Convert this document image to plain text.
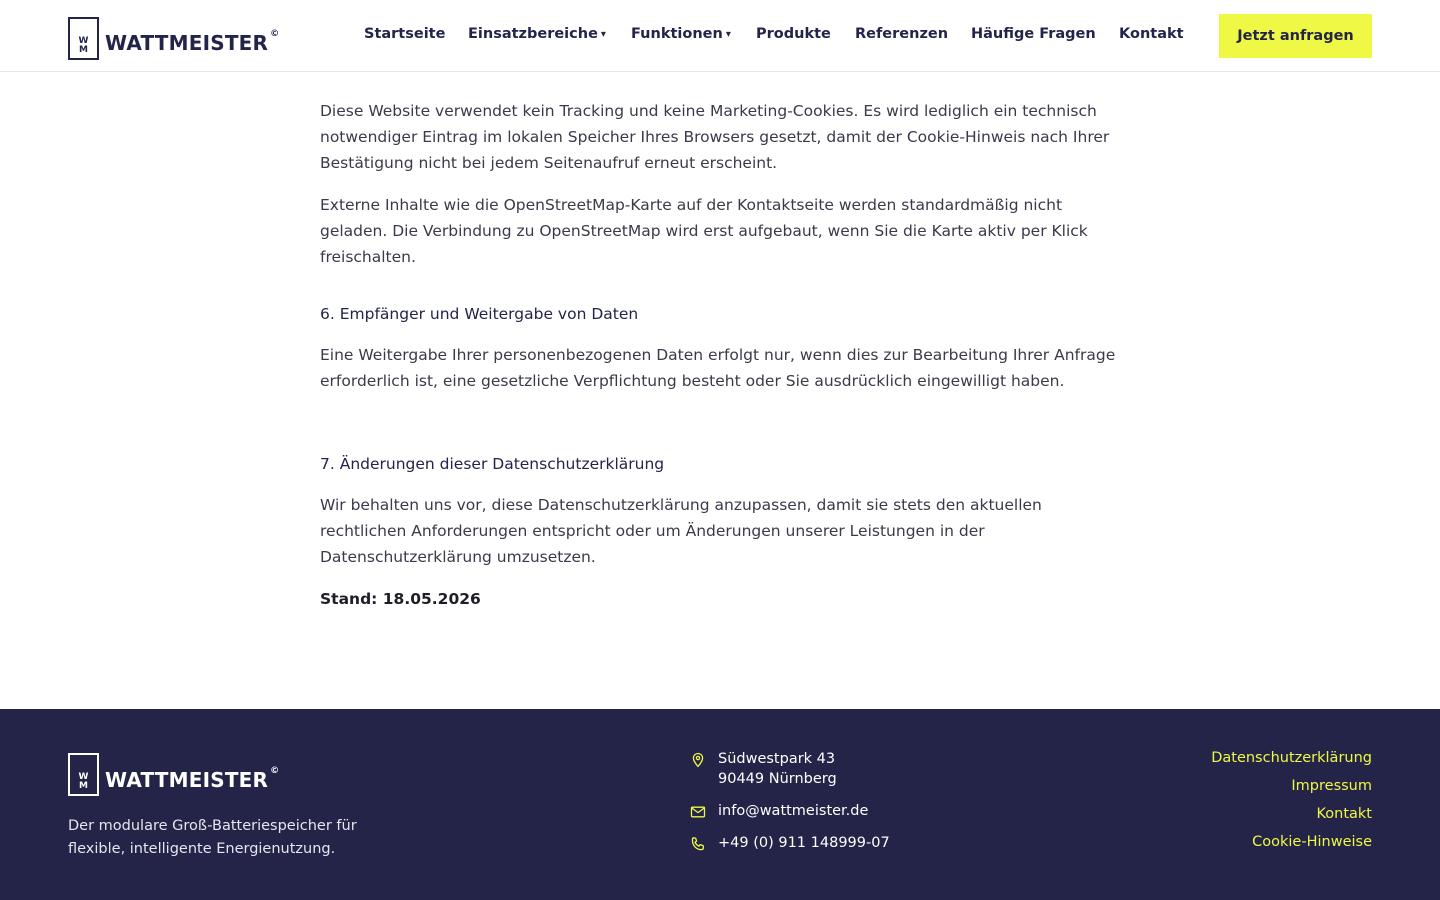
W
M WATTMEISTER ©	Startseite Einsatzbereiche ▾ Funktionen ▾ Produkte Referenzen Häufige Fragen Kontakt	Jetzt anfragen
Diese Website verwendet kein Tracking und keine Marketing-Cookies. Es wird lediglich ein technisch notwendiger Eintrag im lokalen Speicher Ihres Browsers gesetzt, damit der Cookie-Hinweis nach Ihrer Bestätigung nicht bei jedem Seitenaufruf erneut erscheint.
Externe Inhalte wie die OpenStreetMap-Karte auf der Kontaktseite werden standardmäßig nicht geladen. Die Verbindung zu OpenStreetMap wird erst aufgebaut, wenn Sie die Karte aktiv per Klick freischalten.
6. Empfänger und Weitergabe von Daten
Eine Weitergabe Ihrer personenbezogenen Daten erfolgt nur, wenn dies zur Bearbeitung Ihrer Anfrage erforderlich ist, eine gesetzliche Verpflichtung besteht oder Sie ausdrücklich eingewilligt haben.
7. Änderungen dieser Datenschutzerklärung
Wir behalten uns vor, diese Datenschutzerklärung anzupassen, damit sie stets den aktuellen rechtlichen Anforderungen entspricht oder um Änderungen unserer Leistungen in der Datenschutzerklärung umzusetzen.
Stand: 18.05.2026
W
M WATTMEISTER ©
Der modulare Groß-Batteriespeicher für flexible, intelligente Energienutzung.
Südwestpark 43
90449 Nürnberg
info@wattmeister.de
+49 (0) 911 148999-07
Datenschutzerklärung
Impressum
Kontakt
Cookie-Hinweise
